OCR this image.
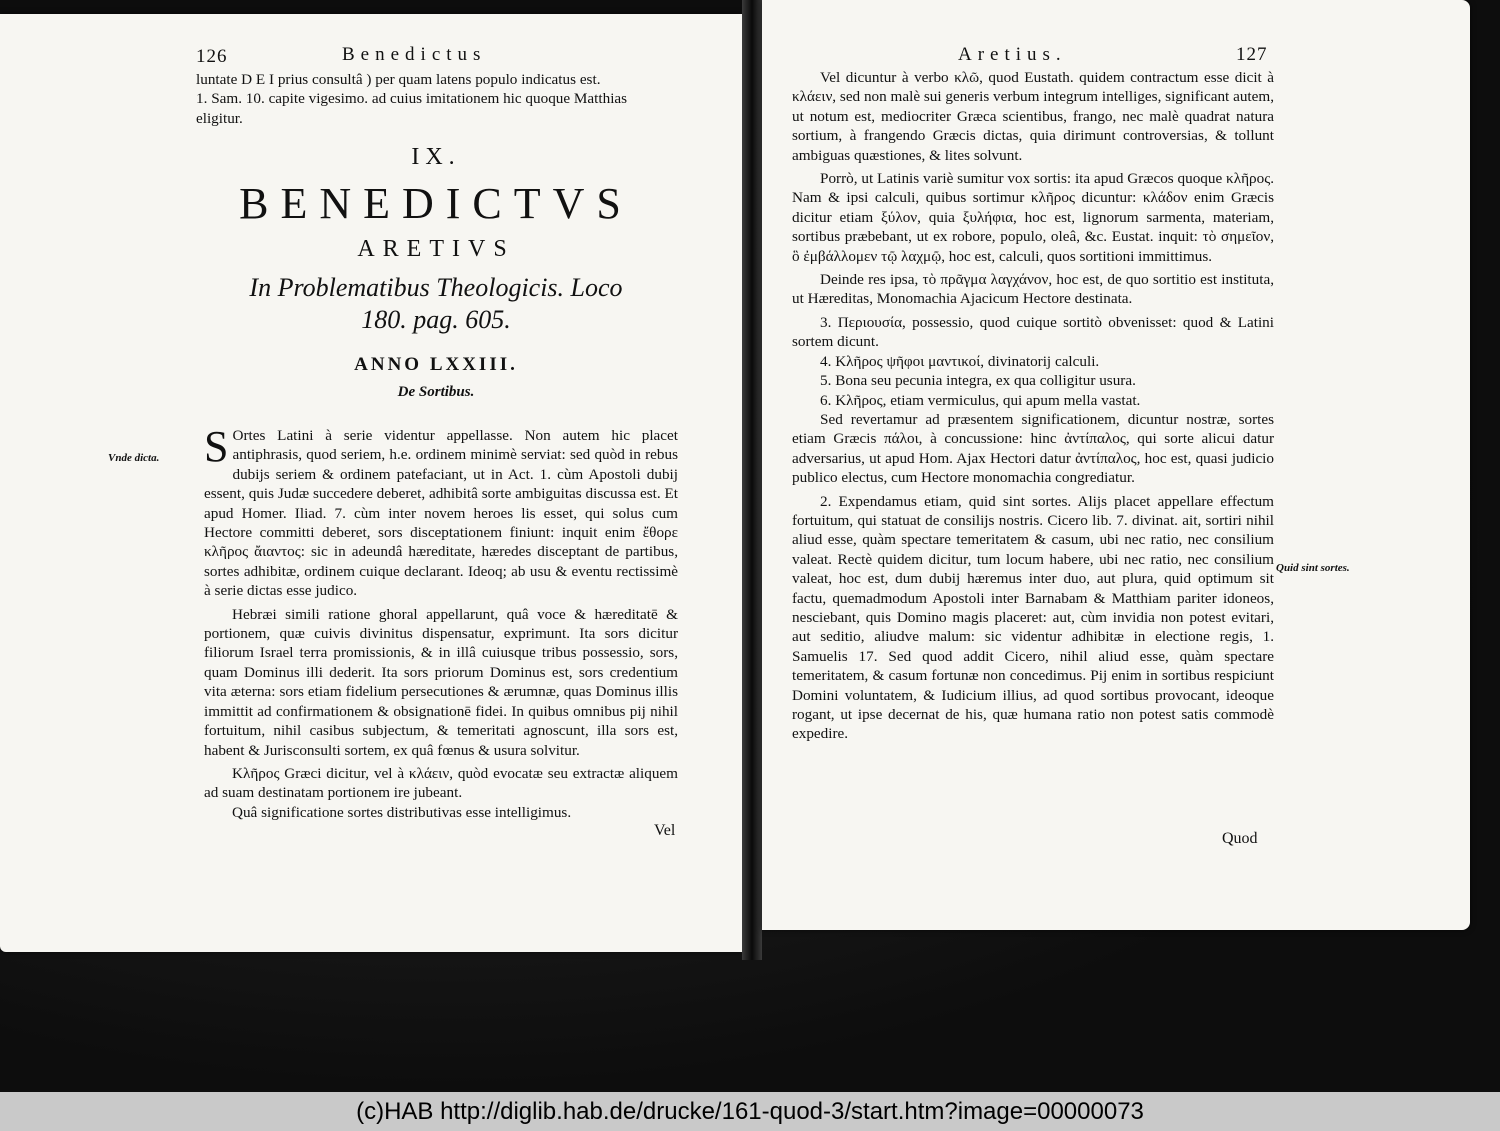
126	Benedictus

luntate D E I prius consultâ ) per quam latens populo indicatus est.

1. Sam. 10. capite vigesimo. ad cuius imitationem hic quoque Matthias

eligitur.

IX.
BENEDICTVS
ARETIVS
In Problematibus Theologicis. Loco
180. pag. 605.
ANNO LXXIII.
De Sortibus.
Vnde dicta. S Ortes Latini à serie videntur appellasse. Non autem hic placet antiphrasis, quod seriem, h.e. ordinem minimè serviat: sed quòd in rebus dubijs seriem & ordinem patefaciant, ut in Act. 1. cùm Apostoli dubij essent, quis Judæ succedere deberet, adhibitâ sorte ambiguitas discussa est. Et apud Homer. Iliad. 7. cùm inter novem heroes lis esset, qui solus cum Hectore committi deberet, sors disceptationem finiunt: inquit enim ἔθορε κλῆρος ἄιαντος: sic in adeundâ hæreditate, hæredes disceptant de partibus, sortes adhibitæ, ordinem cuique declarant. Ideoq; ab usu & eventu rectissimè à serie dictas esse judico.

Hebræi simili ratione ghoral appellarunt, quâ voce & hæreditatē & portionem, quæ cuivis divinitus dispensatur, exprimunt. Ita sors dicitur filiorum Israel terra promissionis, & in illâ cuiusque tribus possessio, sors, quam Dominus illi dederit. Ita sors priorum Dominus est, sors credentium vita æterna: sors etiam fidelium persecutiones & ærumnæ, quas Dominus illis immittit ad confirmationem & obsignationē fidei. In quibus omnibus pij nihil fortuitum, nihil casibus subjectum, & temeritati agnoscunt, illa sors est, habent & Jurisconsulti sortem, ex quâ fœnus & usura solvitur.

Κλῆρος Græci dicitur, vel à κλάειν, quòd evocatæ seu extractæ aliquem ad suam destinatam portionem ire jubeant.

Quâ significatione sortes distributivas esse intelligimus.

Vel
Aretius.	127

Vel dicuntur à verbo κλῶ, quod Eustath. quidem contractum esse dicit à κλάειν, sed non malè sui generis verbum integrum intelliges, significant autem, ut notum est, mediocriter Græca scientibus, frango, nec malè quadrat natura sortium, à frangendo Græcis dictas, quia dirimunt controversias, & tollunt ambiguas quæstiones, & lites solvunt.

Porrò, ut Latinis variè sumitur vox sortis: ita apud Græcos quoque κλῆρος. Nam & ipsi calculi, quibus sortimur κλῆρος dicuntur: κλάδον enim Græcis dicitur etiam ξύλον, quia ξυλήφια, hoc est, lignorum sarmenta, materiam, sortibus præbebant, ut ex robore, populo, oleâ, &c. Eustat. inquit: τὸ σημεῖον, ὃ ἐμβάλλομεν τῷ λαχμῷ, hoc est, calculi, quos sortitioni immittimus.

Deinde res ipsa, τὸ πρᾶγμα λαγχάνον, hoc est, de quo sortitio est instituta, ut Hæreditas, Monomachia Ajacicum Hectore destinata.

3. Περιουσία, possessio, quod cuique sortitò obvenisset: quod & Latini sortem dicunt.

4. Κλῆρος ψῆφοι μαντικοί, divinatorij calculi.

5. Bona seu pecunia integra, ex qua colligitur usura.

6. Κλῆρος, etiam vermiculus, qui apum mella vastat.

Sed revertamur ad præsentem significationem, dicuntur nostræ, sortes etiam Græcis πάλοι, à concussione: hinc ἀντίπαλος, qui sorte alicui datur adversarius, ut apud Hom. Ajax Hectori datur ἀντίπαλος, hoc est, quasi judicio publico electus, cum Hectore monomachia congrediatur.

2. Expendamus etiam, quid sint sortes. Alijs placet appellare effectum fortuitum, qui statuat de consilijs nostris. Cicero lib. 7. divinat. ait, sortiri nihil aliud esse, quàm spectare temeritatem & casum, ubi nec ratio, nec consilium valeat. Rectè quidem dicitur, tum locum habere, ubi nec ratio, nec consilium valeat, hoc est, dum dubij hæremus inter duo, aut plura, quid optimum sit factu, quemadmodum Apostoli inter Barnabam & Matthiam pariter idoneos, nesciebant, quis Domino magis placeret: aut, cùm invidia non potest evitari, aut seditio, aliudve malum: sic videntur adhibitæ in electione regis, 1. Samuelis 17. Sed quod addit Cicero, nihil aliud esse, quàm spectare temeritatem, & casum fortunæ non concedimus. Pij enim in sortibus respiciunt Domini voluntatem, & Iudicium illius, ad quod sortibus provocant, ideoque rogant, ut ipse decernat de his, quæ humana ratio non potest satis commodè expedire.

Quid sint sortes.
Quod
(c)HAB http://diglib.hab.de/drucke/161-quod-3/start.htm?image=00000073
